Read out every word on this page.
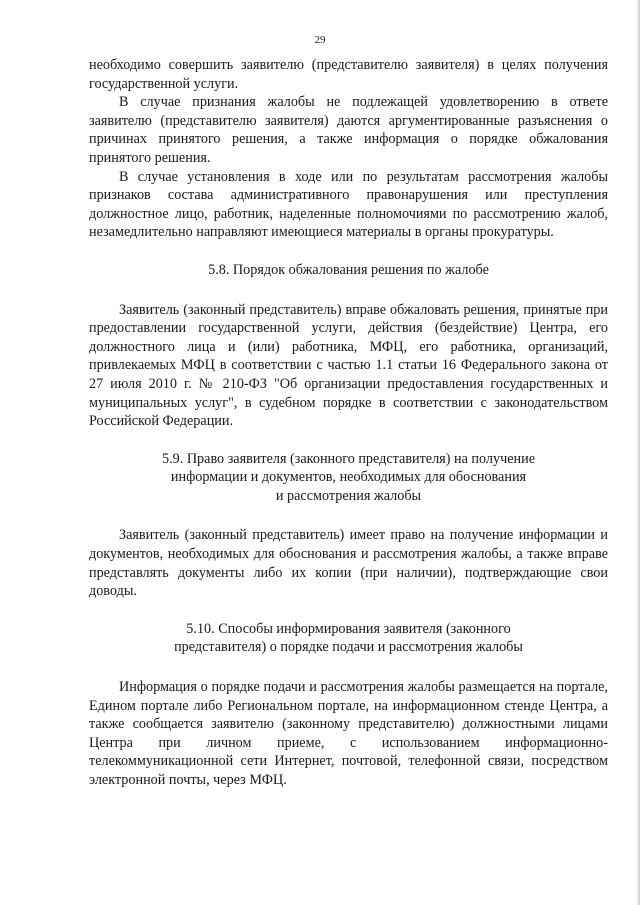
29

необходимо совершить заявителю (представителю заявителя) в целях получения государственной услуги.

В случае признания жалобы не подлежащей удовлетворению в ответе заявителю (представителю заявителя) даются аргументированные разъяснения о причинах принятого решения, а также информация о порядке обжалования принятого решения.

В случае установления в ходе или по результатам рассмотрения жалобы признаков состава административного правонарушения или преступления должностное лицо, работник, наделенные полномочиями по рассмотрению жалоб, незамедлительно направляют имеющиеся материалы в органы прокуратуры.

5.8. Порядок обжалования решения по жалобе

Заявитель (законный представитель) вправе обжаловать решения, принятые при предоставлении государственной услуги, действия (бездействие) Центра, его должностного лица и (или) работника, МФЦ, его работника, организаций, привлекаемых МФЦ в соответствии с частью 1.1 статьи 16 Федерального закона от 27 июля 2010 г. № 210-ФЗ "Об организации предоставления государственных и муниципальных услуг", в судебном порядке в соответствии с законодательством Российской Федерации.

5.9. Право заявителя (законного представителя) на получение
информации и документов, необходимых для обоснования
и рассмотрения жалобы

Заявитель (законный представитель) имеет право на получение информации и документов, необходимых для обоснования и рассмотрения жалобы, а также вправе представлять документы либо их копии (при наличии), подтверждающие свои доводы.

5.10. Способы информирования заявителя (законного
представителя) о порядке подачи и рассмотрения жалобы

Информация о порядке подачи и рассмотрения жалобы размещается на портале, Едином портале либо Региональном портале, на информационном стенде Центра, а также сообщается заявителю (законному представителю) должностными лицами Центра при личном приеме, с использованием информационно-телекоммуникационной сети Интернет, почтовой, телефонной связи, посредством электронной почты, через МФЦ.
